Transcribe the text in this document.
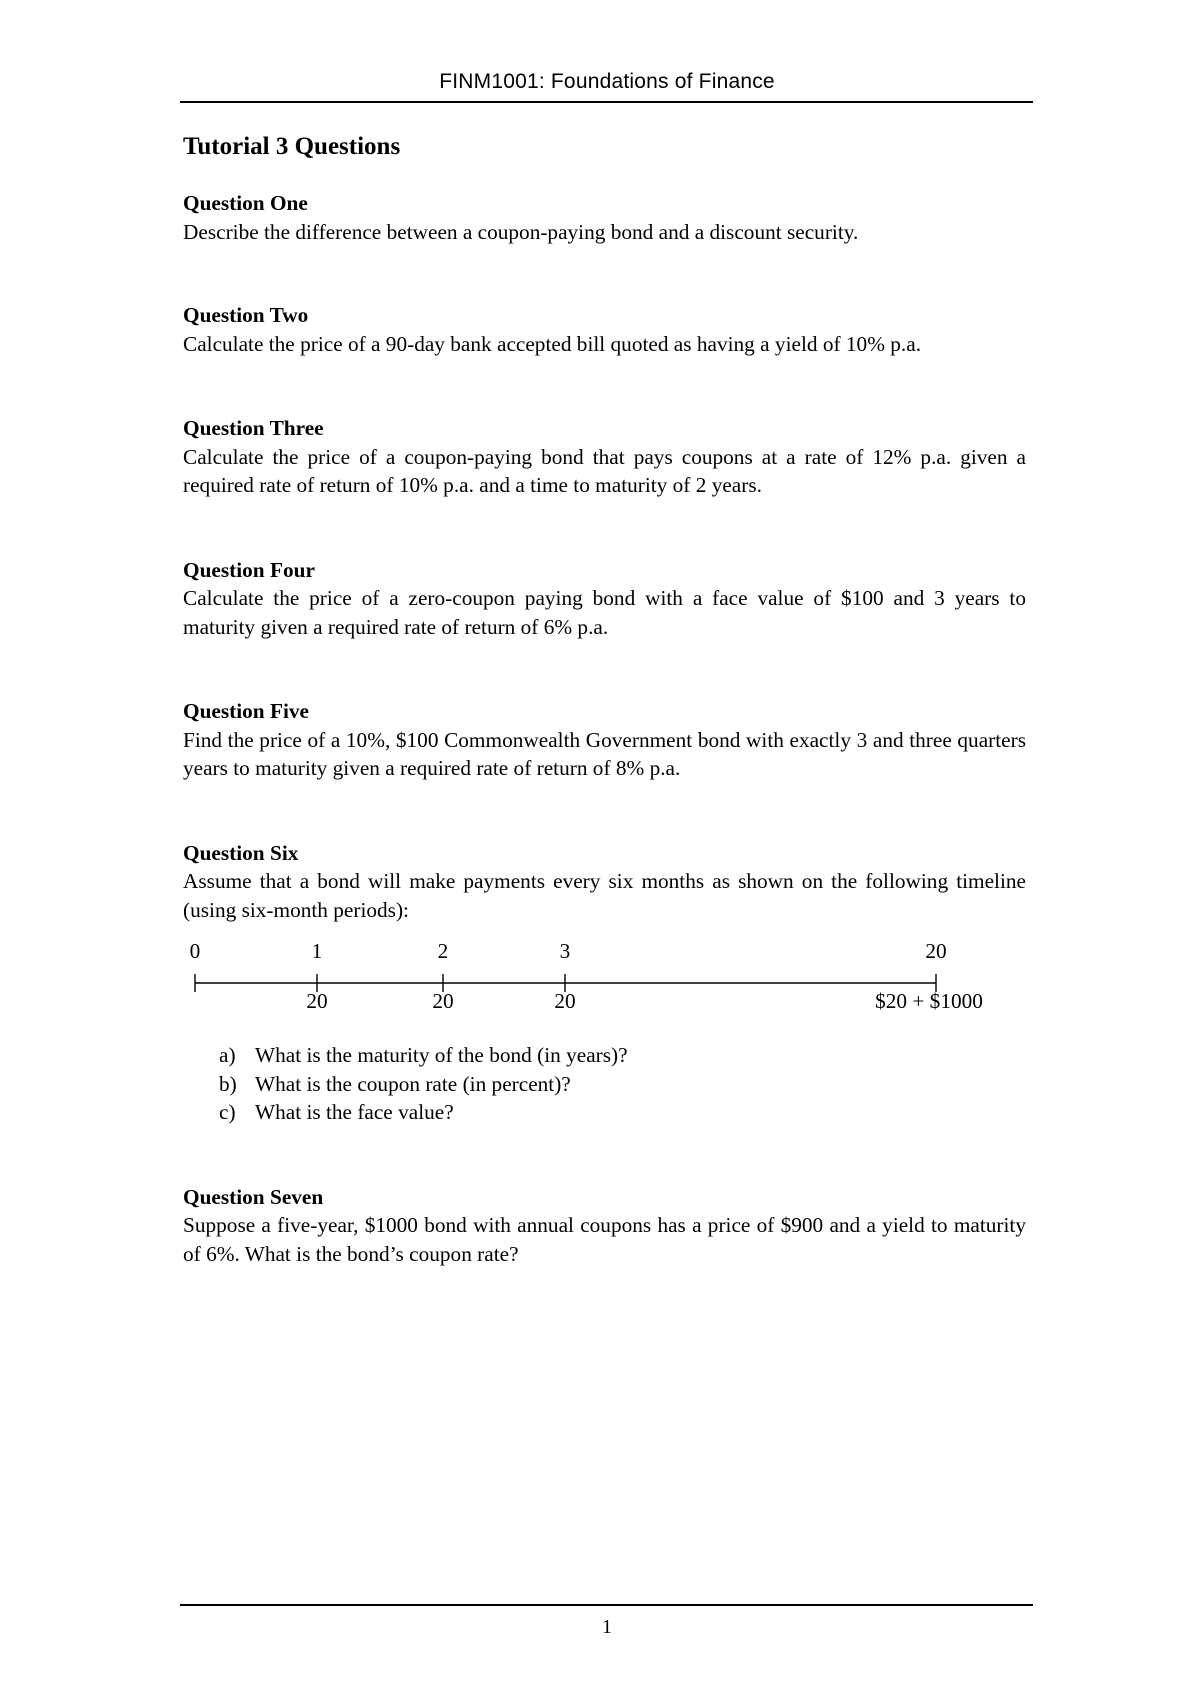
FINM1001: Foundations of Finance
Tutorial 3 Questions

Question One

Describe the difference between a coupon-paying bond and a discount security.

Question Two

Calculate the price of a 90-day bank accepted bill quoted as having a yield of 10% p.a.

Question Three

Calculate the price of a coupon-paying bond that pays coupons at a rate of 12% p.a. given a required rate of return of 10% p.a. and a time to maturity of 2 years.

Question Four

Calculate the price of a zero-coupon paying bond with a face value of $100 and 3 years to maturity given a required rate of return of 6% p.a.

Question Five

Find the price of a 10%, $100 Commonwealth Government bond with exactly 3 and three quarters years to maturity given a required rate of return of 8% p.a.

Question Six

Assume that a bond will make payments every six months as shown on the following timeline (using six-month periods):

0	1	2	3	20
20	20	20	$20 + $1000
a) What is the maturity of the bond (in years)?
b) What is the coupon rate (in percent)?
c) What is the face value?

Question Seven

Suppose a five-year, $1000 bond with annual coupons has a price of $900 and a yield to maturity of 6%. What is the bond’s coupon rate?

1
